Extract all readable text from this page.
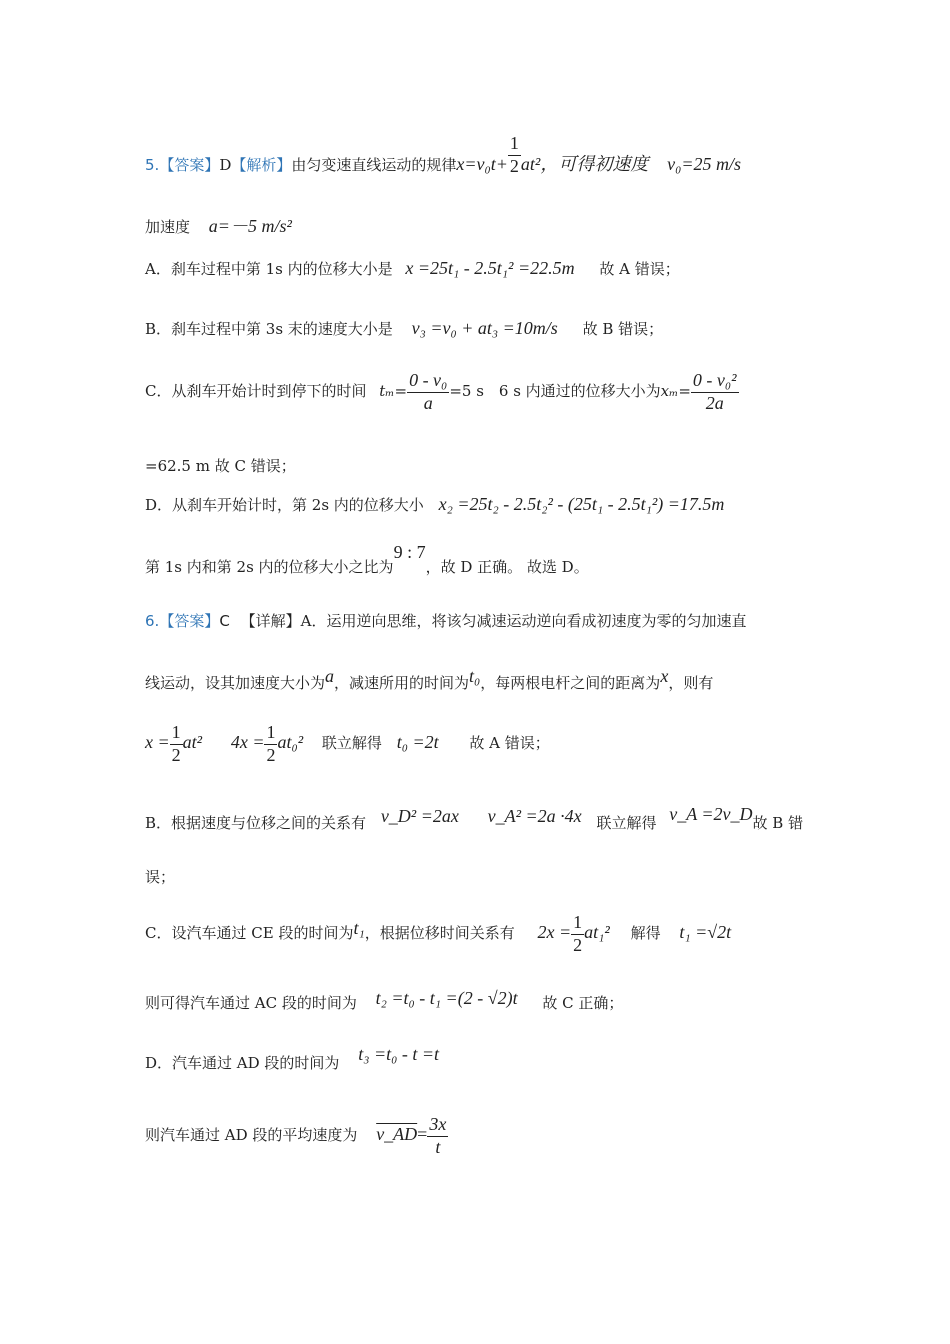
5.【答案】D【解析】由匀变速直线运动的规律$x=v_0t+ \frac{1}{2} at^2$，可得初速度 v₀=25 m/s
加速度 a=－5 m/s²
A．刹车过程中第 1s 内的位移大小是 x =25t₁ - 2.5t₁² =22.5m 故 A 错误；
B．刹车过程中第 3s 末的速度大小是 v₃ =v₀ + at₃ =10m/s 故 B 错误；
C．从刹车开始计时到停下的时间 $t_m= \frac{\text{0 - v₀}}{a} =5$ s　6 s 内通过的位移大小为$x_m= \frac{\text{0 - v₀²}}{2a}$
=62.5 m 故 C 错误；
D．从刹车开始计时，第 2s 内的位移大小 x₂ =25t₂ - 2.5t₂² - (25t₁ - 2.5t₁²) =17.5m
第 1s 内和第 2s 内的位移大小之比为9 : 7，故 D 正确。 故选 D。
6.【答案】C 【详解】A．运用逆向思维，将该匀减速运动逆向看成初速度为零的匀加速直
线运动，设其加速度大小为a，减速所用的时间为t₀，每两根电杆之间的距离为x，则有
$x = \frac{1}{2} at^2$ $4x = \frac{1}{2} at_0^2$ 联立解得 t₀ =2t 故 A 错误；
B．根据速度与位移之间的关系有 v_D² =2ax v_A² =2a ·4x 联立解得 v_A =2v_D故 B 错
误；
C．设汽车通过 CE 段的时间为t₁，根据位移时间关系有 $2x = \frac{1}{2} at_1^2$ 解得 t₁ =√2t
则可得汽车通过 AC 段的时间为 t₂ =t₀ - t₁ =(2 - √2)t 故 C 正确；
D．汽车通过 AD 段的时间为 t₃ =t₀ - t =t
则汽车通过 AD 段的平均速度为 v_AD= $\frac{3x}{t}$
